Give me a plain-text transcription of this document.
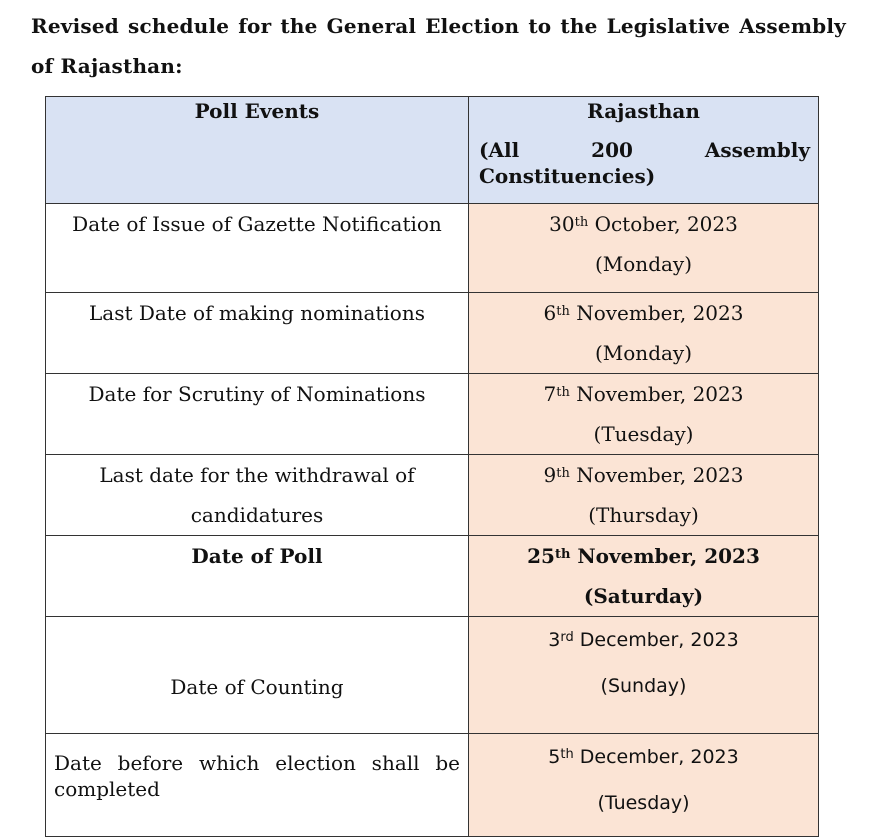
Revised schedule for the General Election to the Legislative Assembly of Rajasthan:
Poll Events	Rajasthan
(All 200 Assembly Constituencies)

Date of Issue of Gazette Notification	30th October, 2023
(Monday)
Last Date of making nominations	6th November, 2023
(Monday)
Date for Scrutiny of Nominations	7th November, 2023
(Tuesday)
Last date for the withdrawal of candidatures	9th November, 2023
(Thursday)
Date of Poll	25th November, 2023
(Saturday)

Date of Counting	3rd December, 2023
(Sunday)
Date before which election shall be completed	5th December, 2023
(Tuesday)
